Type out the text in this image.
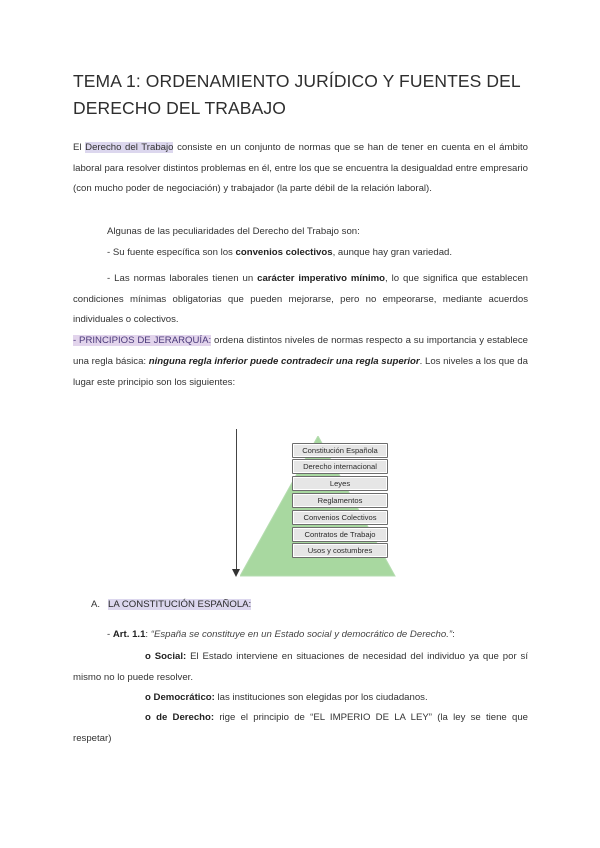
TEMA 1: ORDENAMIENTO JURÍDICO Y FUENTES DEL DERECHO DEL TRABAJO
El Derecho del Trabajo consiste en un conjunto de normas que se han de tener en cuenta en el ámbito laboral para resolver distintos problemas en él, entre los que se encuentra la desigualdad entre empresario (con mucho poder de negociación) y trabajador (la parte débil de la relación laboral).
Algunas de las peculiaridades del Derecho del Trabajo son:
- Su fuente específica son los convenios colectivos, aunque hay gran variedad.
- Las normas laborales tienen un carácter imperativo mínimo, lo que significa que establecen condiciones mínimas obligatorias que pueden mejorarse, pero no empeorarse, mediante acuerdos individuales o colectivos.
- PRINCIPIOS DE JERARQUÍA: ordena distintos niveles de normas respecto a su importancia y establece una regla básica: ninguna regla inferior puede contradecir una regla superior. Los niveles a los que da lugar este principio son los siguientes:
Constitución Española
Derecho internacional
Leyes
Reglamentos
Convenios Colectivos
Contratos de Trabajo
Usos y costumbres
A. LA CONSTITUCIÓN ESPAÑOLA:
- Art. 1.1: “España se constituye en un Estado social y democrático de Derecho.”:
o Social: El Estado interviene en situaciones de necesidad del individuo ya que por sí mismo no lo puede resolver.
o Democrático: las instituciones son elegidas por los ciudadanos.
o de Derecho: rige el principio de “EL IMPERIO DE LA LEY” (la ley se tiene que respetar)
